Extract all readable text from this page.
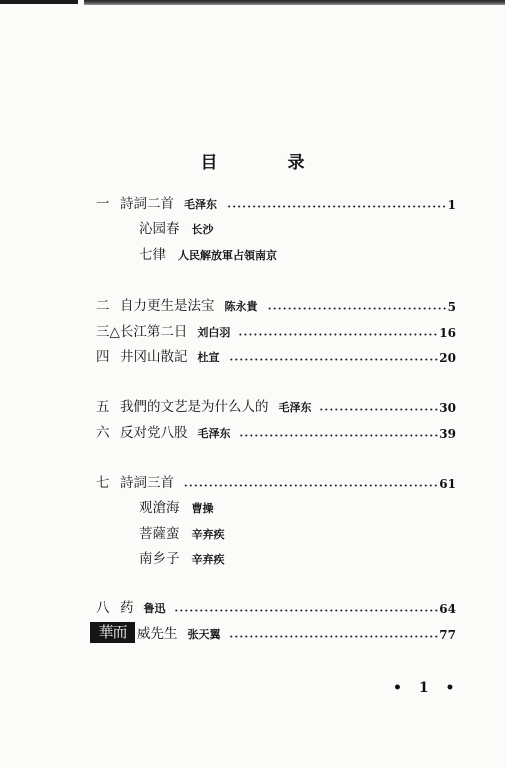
目 录
一 詩詞二首 毛泽东	1
沁园春 长沙
七律 人民解放軍占領南京
二 自力更生是法宝 陈永貴	5
三△ 长江第二日 刘白羽	16
四 井冈山散記 杜宣	20
五 我們的文艺是为什么人的 毛泽东	30
六 反对党八股 毛泽东	39
七 詩詞三首	61
观滄海 曹操
菩薩蛮 辛弃疾
南乡子 辛弃疾
八 药 鲁迅	64
華而 威先生 张天翼	77
• 1 •
